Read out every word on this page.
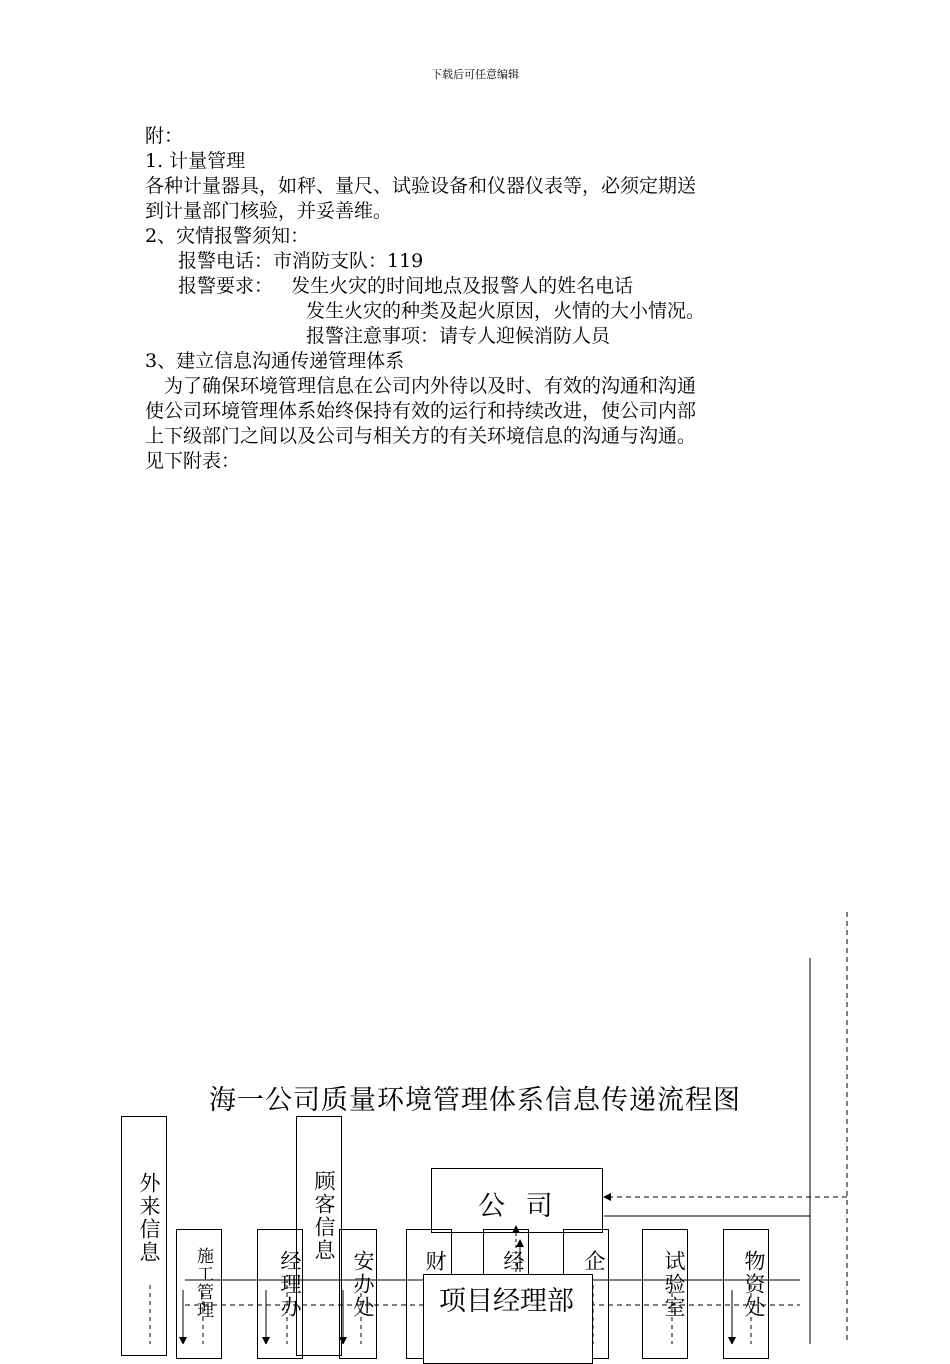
下载后可任意编辑
附：
1. 计量管理
各种计量器具，如秤、量尺、试验设备和仪器仪表等，必须定期送
到计量部门核验，并妥善维。
2、灾情报警须知：
报警电话：市消防支队：119
报警要求：   发生火灾的时间地点及报警人的姓名电话
发生火灾的种类及起火原因，火情的大小情况。
报警注意事项：请专人迎候消防人员
3、建立信息沟通传递管理体系
为了确保环境管理信息在公司内外待以及时、有效的沟通和沟通
使公司环境管理体系始终保持有效的运行和持续改进，使公司内部
上下级部门之间以及公司与相关方的有关环境信息的沟通与沟通。
见下附表：
海一公司质量环境管理体系信息传递流程图
外来信息	顾客信息	公 司
施工管理	经理办 安办处 财	经	企	试验室	物资处
项目经理部
